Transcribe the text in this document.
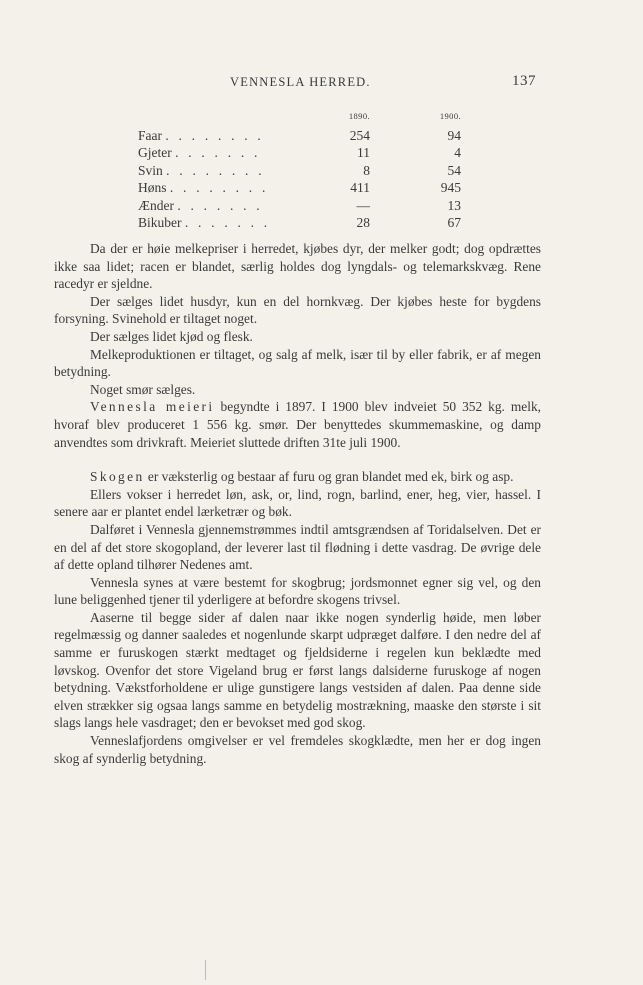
VENNESLA HERRED.	137
	1890.	1900.
Faar . . . . . . . .	254	94
Gjeter . . . . . . .	11	4
Svin . . . . . . . .	8	54
Høns . . . . . . . .	411	945
Ænder . . . . . . .	—	13
Bikuber . . . . . . .	28	67

Da der er høie melkepriser i herredet, kjøbes dyr, der melker godt; dog opdrættes ikke saa lidet; racen er blandet, særlig holdes dog lyngdals- og telemarkskvæg. Rene racedyr er sjeldne.

Der sælges lidet husdyr, kun en del hornkvæg. Der kjøbes heste for bygdens forsyning. Svinehold er tiltaget noget.

Der sælges lidet kjød og flesk.

Melkeproduktionen er tiltaget, og salg af melk, især til by eller fabrik, er af megen betydning.

Noget smør sælges.

Vennesla meieri begyndte i 1897. I 1900 blev indveiet 50 352 kg. melk, hvoraf blev produceret 1 556 kg. smør. Der benyttedes skummemaskine, og damp anvendtes som drivkraft. Meieriet sluttede driften 31te juli 1900.

Skogen er væksterlig og bestaar af furu og gran blandet med ek, birk og asp.

Ellers vokser i herredet løn, ask, or, lind, rogn, barlind, ener, heg, vier, hassel. I senere aar er plantet endel lærketrær og bøk.

Dalføret i Vennesla gjennemstrømmes indtil amtsgrændsen af Toridalselven. Det er en del af det store skogopland, der leverer last til flødning i dette vasdrag. De øvrige dele af dette opland tilhører Nedenes amt.

Vennesla synes at være bestemt for skogbrug; jordsmonnet egner sig vel, og den lune beliggenhed tjener til yderligere at befordre skogens trivsel.

Aaserne til begge sider af dalen naar ikke nogen synderlig høide, men løber regelmæssig og danner saaledes et nogenlunde skarpt udpræget dalføre. I den nedre del af samme er furuskogen stærkt medtaget og fjeldsiderne i regelen kun beklædte med løvskog. Ovenfor det store Vigeland brug er først langs dalsiderne furuskoge af nogen betydning. Vækstforholdene er ulige gunstigere langs vestsiden af dalen. Paa denne side elven strækker sig ogsaa langs samme en betydelig mostrækning, maaske den største i sit slags langs hele vasdraget; den er bevokset med god skog.

Venneslafjordens omgivelser er vel fremdeles skogklædte, men her er dog ingen skog af synderlig betydning.
